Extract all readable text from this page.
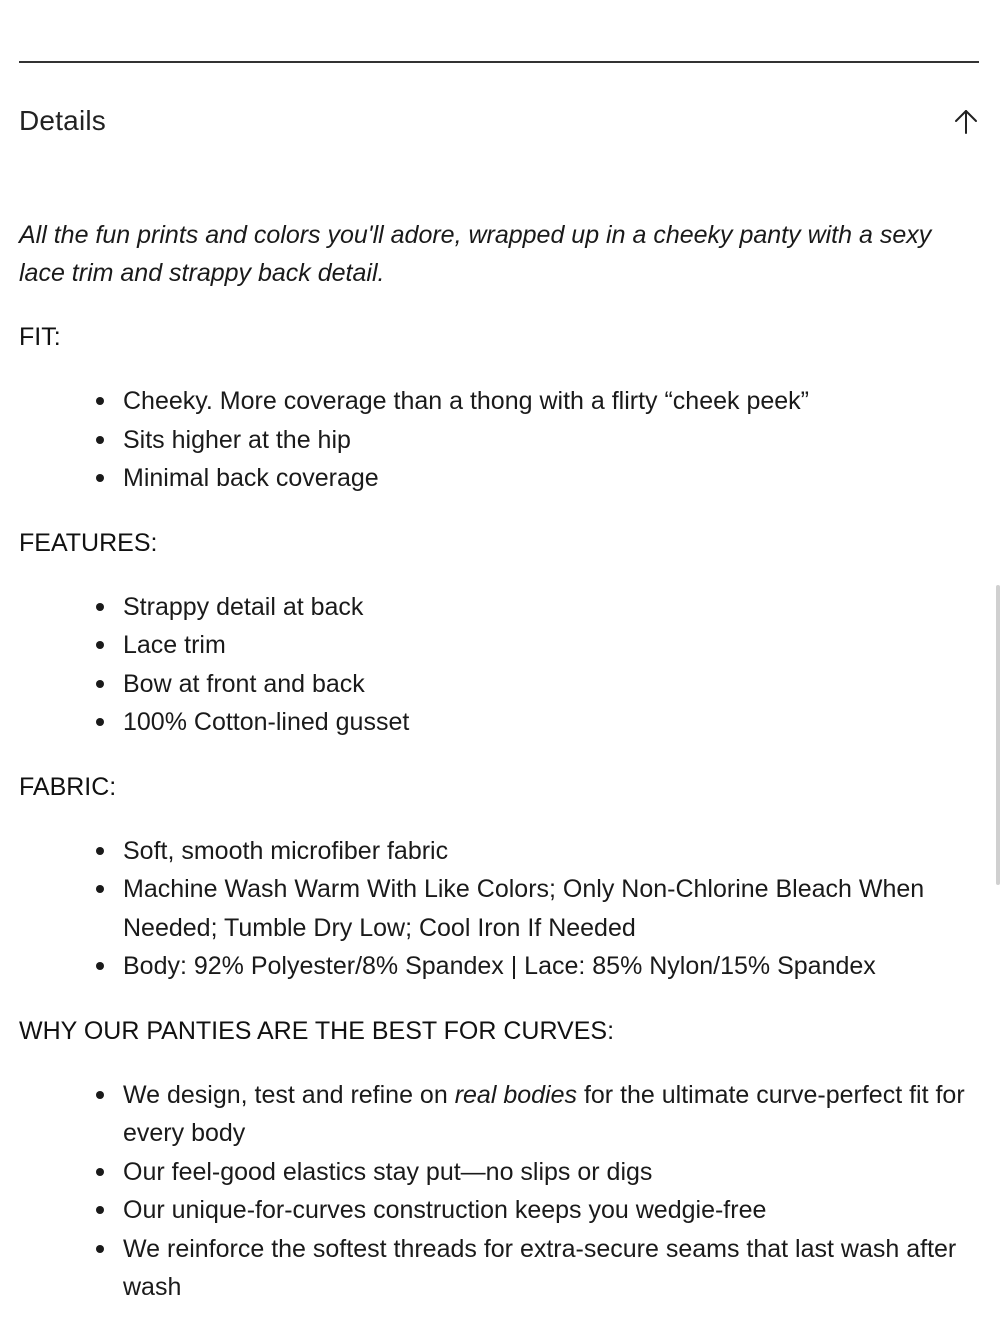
Details

All the fun prints and colors you'll adore, wrapped up in a cheeky panty with a sexy lace trim and strappy back detail.

FIT:
Cheeky. More coverage than a thong with a flirty “cheek peek”
Sits higher at the hip
Minimal back coverage
FEATURES:
Strappy detail at back
Lace trim
Bow at front and back
100% Cotton-lined gusset
FABRIC:
Soft, smooth microfiber fabric
Machine Wash Warm With Like Colors; Only Non-Chlorine Bleach When Needed; Tumble Dry Low; Cool Iron If Needed
Body: 92% Polyester/8% Spandex | Lace: 85% Nylon/15% Spandex
WHY OUR PANTIES ARE THE BEST FOR CURVES:
We design, test and refine on real bodies for the ultimate curve-perfect fit for every body
Our feel-good elastics stay put—no slips or digs
Our unique-for-curves construction keeps you wedgie-free
We reinforce the softest threads for extra-secure seams that last wash after wash
